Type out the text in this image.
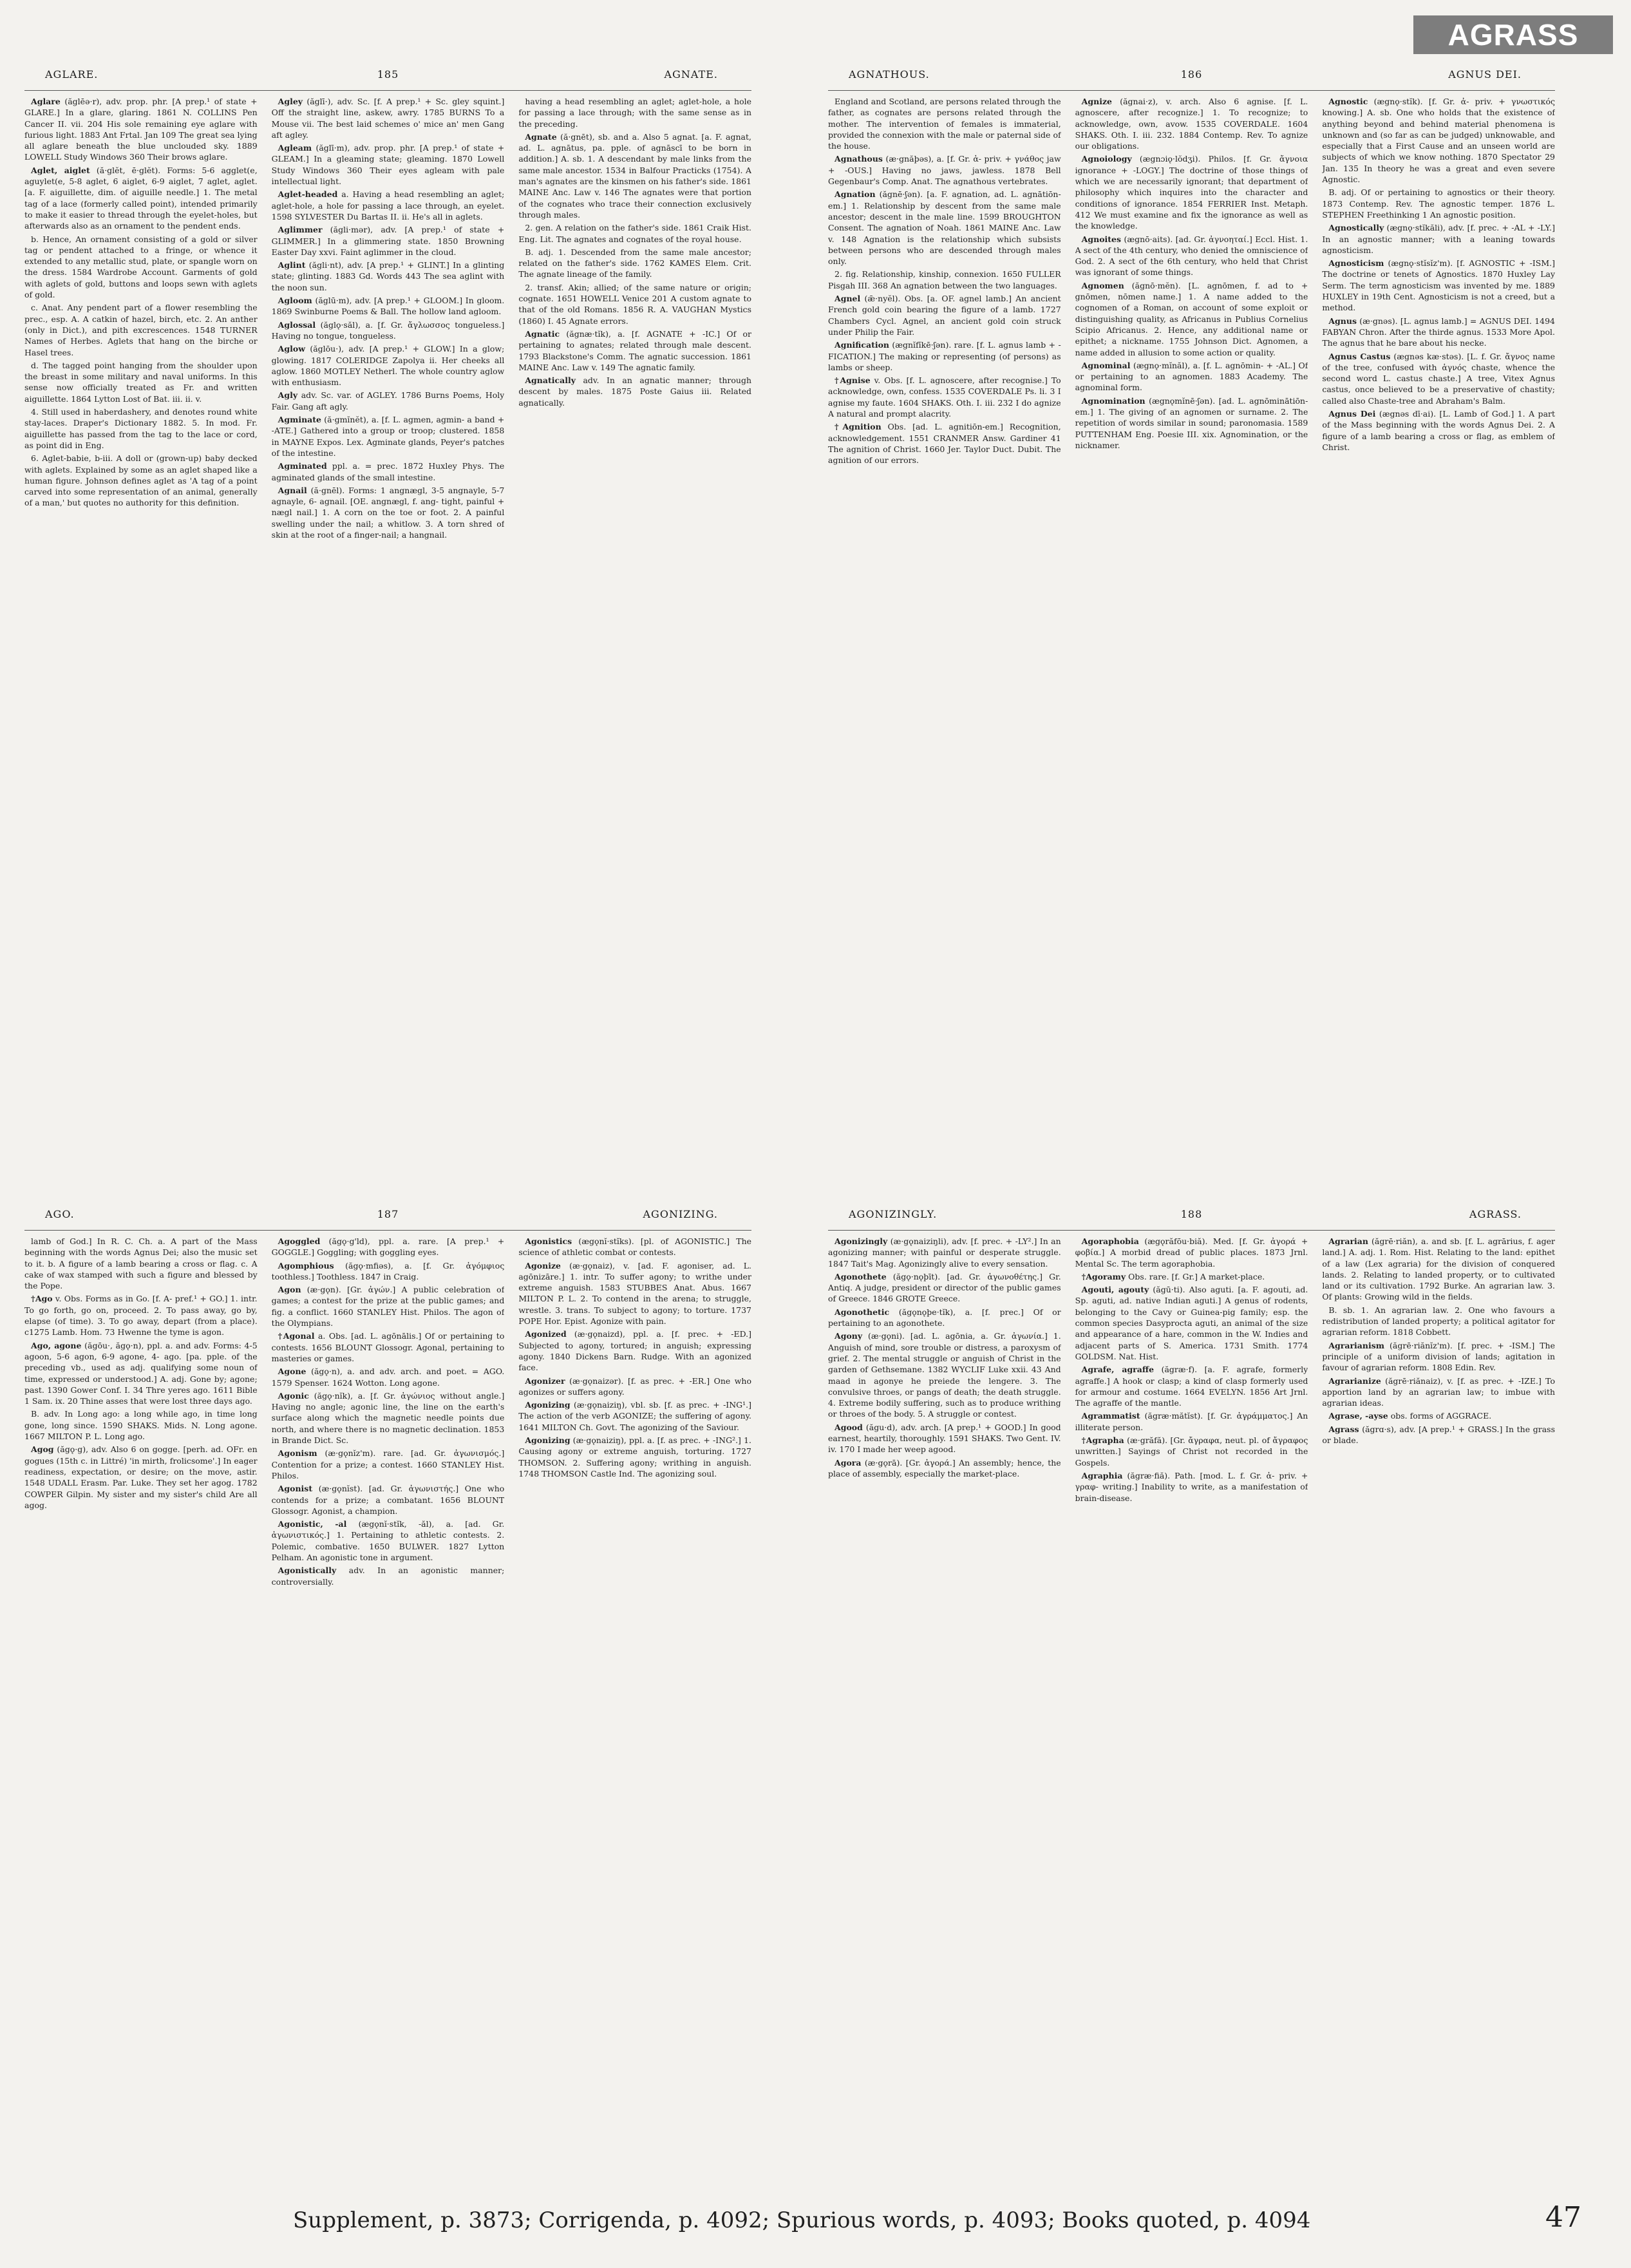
AGRASS
AGLARE.	185	AGNATE.

Aglare (ăglēə·r), adv. prop. phr. [A prep.¹ of state + GLARE.] In a glare, glaring. 1861 N. COLLINS Pen Cancer II. vii. 204 His sole remaining eye aglare with furious light. 1883 Ant Frtal. Jan 109 The great sea lying all aglare beneath the blue unclouded sky. 1889 LOWELL Study Windows 360 Their brows aglare.

Aglet, aiglet (ă·glĕt, ē·glĕt). Forms: 5-6 agglet(e, aguylet(e, 5-8 aglet, 6 aiglet, 6-9 aiglet, 7 aglet, aglet. [a. F. aiguillette, dim. of aiguille needle.] 1. The metal tag of a lace (formerly called point), intended primarily to make it easier to thread through the eyelet-holes, but afterwards also as an ornament to the pendent ends.

b. Hence, An ornament consisting of a gold or silver tag or pendent attached to a fringe, or whence it extended to any metallic stud, plate, or spangle worn on the dress. 1584 Wardrobe Account. Garments of gold with aglets of gold, buttons and loops sewn with aglets of gold.

c. Anat. Any pendent part of a flower resembling the prec., esp. A. A catkin of hazel, birch, etc. 2. An anther (only in Dict.), and pith excrescences. 1548 TURNER Names of Herbes. Aglets that hang on the birche or Hasel trees.

d. The tagged point hanging from the shoulder upon the breast in some military and naval uniforms. In this sense now officially treated as Fr. and written aiguillette. 1864 Lytton Lost of Bat. iii. ii. v.

4. Still used in haberdashery, and denotes round white stay-laces. Draper's Dictionary 1882. 5. In mod. Fr. aiguillette has passed from the tag to the lace or cord, as point did in Eng.

6. Aglet-babie, b-iii. A doll or (grown-up) baby decked with aglets. Explained by some as an aglet shaped like a human figure. Johnson defines aglet as 'A tag of a point carved into some representation of an animal, generally of a man,' but quotes no authority for this definition.

Agley (ăglī·), adv. Sc. [f. A prep.¹ + Sc. gley squint.] Off the straight line, askew, awry. 1785 BURNS To a Mouse vii. The best laid schemes o' mice an' men Gang aft agley.

Agleam (ăglī·m), adv. prop. phr. [A prep.¹ of state + GLEAM.] In a gleaming state; gleaming. 1870 Lowell Study Windows 360 Their eyes agleam with pale intellectual light.

Aglet-headed a. Having a head resembling an aglet; aglet-hole, a hole for passing a lace through, an eyelet. 1598 SYLVESTER Du Bartas II. ii. He's all in aglets.

Aglimmer (ăgli·mər), adv. [A prep.¹ of state + GLIMMER.] In a glimmering state. 1850 Browning Easter Day xxvi. Faint aglimmer in the cloud.

Aglint (ăgli·nt), adv. [A prep.¹ + GLINT.] In a glinting state; glinting. 1883 Gd. Words 443 The sea aglint with the noon sun.

Agloom (ăglū·m), adv. [A prep.¹ + GLOOM.] In gloom. 1869 Swinburne Poems & Ball. The hollow land agloom.

Aglossal (ăglǫ·săl), a. [f. Gr. ἄγλωσσος tongueless.] Having no tongue, tongueless.

Aglow (ăglōu·), adv. [A prep.¹ + GLOW.] In a glow; glowing. 1817 COLERIDGE Zapolya ii. Her cheeks all aglow. 1860 MOTLEY Netherl. The whole country aglow with enthusiasm.

Agly adv. Sc. var. of AGLEY. 1786 Burns Poems, Holy Fair. Gang aft agly.

Agminate (ă·gmĭnĕt), a. [f. L. agmen, agmin- a band + -ATE.] Gathered into a group or troop; clustered. 1858 in MAYNE Expos. Lex. Agminate glands, Peyer's patches of the intestine.

Agminated ppl. a. = prec. 1872 Huxley Phys. The agminated glands of the small intestine.

Agnail (ă·gnēl). Forms: 1 angnægl, 3-5 angnayle, 5-7 agnayle, 6- agnail. [OE. angnægl, f. ang- tight, painful + nægl nail.] 1. A corn on the toe or foot. 2. A painful swelling under the nail; a whitlow. 3. A torn shred of skin at the root of a finger-nail; a hangnail.

having a head resembling an aglet; aglet-hole, a hole for passing a lace through; with the same sense as in the preceding.

Agnate (ă·gnēt), sb. and a. Also 5 agnat. [a. F. agnat, ad. L. agnātus, pa. pple. of agnāscī to be born in addition.] A. sb. 1. A descendant by male links from the same male ancestor. 1534 in Balfour Practicks (1754). A man's agnates are the kinsmen on his father's side. 1861 MAINE Anc. Law v. 146 The agnates were that portion of the cognates who trace their connection exclusively through males.

2. gen. A relation on the father's side. 1861 Craik Hist. Eng. Lit. The agnates and cognates of the royal house.

B. adj. 1. Descended from the same male ancestor; related on the father's side. 1762 KAMES Elem. Crit. The agnate lineage of the family.

2. transf. Akin; allied; of the same nature or origin; cognate. 1651 HOWELL Venice 201 A custom agnate to that of the old Romans. 1856 R. A. VAUGHAN Mystics (1860) I. 45 Agnate errors.

Agnatic (ăgnæ·tĭk), a. [f. AGNATE + -IC.] Of or pertaining to agnates; related through male descent. 1793 Blackstone's Comm. The agnatic succession. 1861 MAINE Anc. Law v. 149 The agnatic family.

Agnatically adv. In an agnatic manner; through descent by males. 1875 Poste Gaius iii. Related agnatically.

AGNATHOUS.	186	AGNUS DEI.

England and Scotland, are persons related through the father, as cognates are persons related through the mother. The intervention of females is immaterial, provided the connexion with the male or paternal side of the house.

Agnathous (æ·gnăþəs), a. [f. Gr. ἀ- priv. + γνάθος jaw + -OUS.] Having no jaws, jawless. 1878 Bell Gegenbaur's Comp. Anat. The agnathous vertebrates.

Agnation (ăgnē·ʃən). [a. F. agnation, ad. L. agnātiōn-em.] 1. Relationship by descent from the same male ancestor; descent in the male line. 1599 BROUGHTON Consent. The agnation of Noah. 1861 MAINE Anc. Law v. 148 Agnation is the relationship which subsists between persons who are descended through males only.

2. fig. Relationship, kinship, connexion. 1650 FULLER Pisgah III. 368 An agnation between the two languages.

Agnel (ǣ·nyĕl). Obs. [a. OF. agnel lamb.] An ancient French gold coin bearing the figure of a lamb. 1727 Chambers Cycl. Agnel, an ancient gold coin struck under Philip the Fair.

Agnification (ægnĭfĭkē·ʃən). rare. [f. L. agnus lamb + -FICATION.] The making or representing (of persons) as lambs or sheep.

†Agnise v. Obs. [f. L. agnoscere, after recognise.] To acknowledge, own, confess. 1535 COVERDALE Ps. li. 3 I agnise my faute. 1604 SHAKS. Oth. I. iii. 232 I do agnize A natural and prompt alacrity.

†Agnition Obs. [ad. L. agnitiōn-em.] Recognition, acknowledgement. 1551 CRANMER Answ. Gardiner 41 The agnition of Christ. 1660 Jer. Taylor Duct. Dubit. The agnition of our errors.

Agnize (ăgnai·z), v. arch. Also 6 agnise. [f. L. agnoscere, after recognize.] 1. To recognize; to acknowledge, own, avow. 1535 COVERDALE. 1604 SHAKS. Oth. I. iii. 232. 1884 Contemp. Rev. To agnize our obligations.

Agnoiology (ægnɔiǫ·lŏdʒi). Philos. [f. Gr. ἄγνοια ignorance + -LOGY.] The doctrine of those things of which we are necessarily ignorant; that department of philosophy which inquires into the character and conditions of ignorance. 1854 FERRIER Inst. Metaph. 412 We must examine and fix the ignorance as well as the knowledge.

Agnoites (ægnō·aits). [ad. Gr. ἀγνοηταί.] Eccl. Hist. 1. A sect of the 4th century, who denied the omniscience of God. 2. A sect of the 6th century, who held that Christ was ignorant of some things.

Agnomen (ăgnō·mĕn). [L. agnōmen, f. ad to + gnōmen, nōmen name.] 1. A name added to the cognomen of a Roman, on account of some exploit or distinguishing quality, as Africanus in Publius Cornelius Scipio Africanus. 2. Hence, any additional name or epithet; a nickname. 1755 Johnson Dict. Agnomen, a name added in allusion to some action or quality.

Agnominal (ægnǫ·mĭnăl), a. [f. L. agnōmin- + -AL.] Of or pertaining to an agnomen. 1883 Academy. The agnominal form.

Agnomination (ægnǫmĭnē·ʃən). [ad. L. agnōminātiōn-em.] 1. The giving of an agnomen or surname. 2. The repetition of words similar in sound; paronomasia. 1589 PUTTENHAM Eng. Poesie III. xix. Agnomination, or the nicknamer.

Agnostic (ægnǫ·stĭk). [f. Gr. ἀ- priv. + γνωστικός knowing.] A. sb. One who holds that the existence of anything beyond and behind material phenomena is unknown and (so far as can be judged) unknowable, and especially that a First Cause and an unseen world are subjects of which we know nothing. 1870 Spectator 29 Jan. 135 In theory he was a great and even severe Agnostic.

B. adj. Of or pertaining to agnostics or their theory. 1873 Contemp. Rev. The agnostic temper. 1876 L. STEPHEN Freethinking 1 An agnostic position.

Agnostically (ægnǫ·stĭkăli), adv. [f. prec. + -AL + -LY.] In an agnostic manner; with a leaning towards agnosticism.

Agnosticism (ægnǫ·stĭsĭz'm). [f. AGNOSTIC + -ISM.] The doctrine or tenets of Agnostics. 1870 Huxley Lay Serm. The term agnosticism was invented by me. 1889 HUXLEY in 19th Cent. Agnosticism is not a creed, but a method.

Agnus (æ·gnəs). [L. agnus lamb.] = AGNUS DEI. 1494 FABYAN Chron. After the thirde agnus. 1533 More Apol. The agnus that he bare about his necke.

Agnus Castus (ægnəs kæ·stəs). [L. f. Gr. ἄγνος name of the tree, confused with ἁγνός chaste, whence the second word L. castus chaste.] A tree, Vitex Agnus castus, once believed to be a preservative of chastity; called also Chaste-tree and Abraham's Balm.

Agnus Dei (ægnəs dī·ai). [L. Lamb of God.] 1. A part of the Mass beginning with the words Agnus Dei. 2. A figure of a lamb bearing a cross or flag, as emblem of Christ.

AGO.	187	AGONIZING.

lamb of God.] In R. C. Ch. a. A part of the Mass beginning with the words Agnus Dei; also the music set to it. b. A figure of a lamb bearing a cross or flag. c. A cake of wax stamped with such a figure and blessed by the Pope.

†Ago v. Obs. Forms as in Go. [f. A- pref.¹ + GO.] 1. intr. To go forth, go on, proceed. 2. To pass away, go by, elapse (of time). 3. To go away, depart (from a place). c1275 Lamb. Hom. 73 Hwenne the tyme is agon.

Ago, agone (ăgōu·, ăgǫ·n), ppl. a. and adv. Forms: 4-5 agoon, 5-6 agon, 6-9 agone, 4- ago. [pa. pple. of the preceding vb., used as adj. qualifying some noun of time, expressed or understood.] A. adj. Gone by; agone; past. 1390 Gower Conf. I. 34 Thre yeres ago. 1611 Bible 1 Sam. ix. 20 Thine asses that were lost three days ago.

B. adv. In Long ago: a long while ago, in time long gone, long since. 1590 SHAKS. Mids. N. Long agone. 1667 MILTON P. L. Long ago.

Agog (ăgǫ·g), adv. Also 6 on gogge. [perh. ad. OFr. en gogues (15th c. in Littré) 'in mirth, frolicsome'.] In eager readiness, expectation, or desire; on the move, astir. 1548 UDALL Erasm. Par. Luke. They set her agog. 1782 COWPER Gilpin. My sister and my sister's child Are all agog.

Agoggled (ăgǫ·g'ld), ppl. a. rare. [A prep.¹ + GOGGLE.] Goggling; with goggling eyes.

Agomphious (ăgǫ·mfiəs), a. [f. Gr. ἀγόμφιος toothless.] Toothless. 1847 in Craig.

Agon (æ·gǫn). [Gr. ἀγών.] A public celebration of games; a contest for the prize at the public games; and fig. a conflict. 1660 STANLEY Hist. Philos. The agon of the Olympians.

†Agonal a. Obs. [ad. L. agōnālis.] Of or pertaining to contests. 1656 BLOUNT Glossogr. Agonal, pertaining to masteries or games.

Agone (ăgǫ·n), a. and adv. arch. and poet. = AGO. 1579 Spenser. 1624 Wotton. Long agone.

Agonic (ăgǫ·nĭk), a. [f. Gr. ἀγώνιος without angle.] Having no angle; agonic line, the line on the earth's surface along which the magnetic needle points due north, and where there is no magnetic declination. 1853 in Brande Dict. Sc.

Agonism (æ·gǫnĭz'm). rare. [ad. Gr. ἀγωνισμός.] Contention for a prize; a contest. 1660 STANLEY Hist. Philos.

Agonist (æ·gǫnĭst). [ad. Gr. ἀγωνιστής.] One who contends for a prize; a combatant. 1656 BLOUNT Glossogr. Agonist, a champion.

Agonistic, -al (ægǫnĭ·stĭk, -ăl), a. [ad. Gr. ἀγωνιστικός.] 1. Pertaining to athletic contests. 2. Polemic, combative. 1650 BULWER. 1827 Lytton Pelham. An agonistic tone in argument.

Agonistically adv. In an agonistic manner; controversially.

Agonistics (ægǫnĭ·stĭks). [pl. of AGONISTIC.] The science of athletic combat or contests.

Agonize (æ·gǫnaiz), v. [ad. F. agoniser, ad. L. agōnizāre.] 1. intr. To suffer agony; to writhe under extreme anguish. 1583 STUBBES Anat. Abus. 1667 MILTON P. L. 2. To contend in the arena; to struggle, wrestle. 3. trans. To subject to agony; to torture. 1737 POPE Hor. Epist. Agonize with pain.

Agonized (æ·gǫnaizd), ppl. a. [f. prec. + -ED.] Subjected to agony, tortured; in anguish; expressing agony. 1840 Dickens Barn. Rudge. With an agonized face.

Agonizer (æ·gǫnaizər). [f. as prec. + -ER.] One who agonizes or suffers agony.

Agonizing (æ·gǫnaiziŋ), vbl. sb. [f. as prec. + -ING¹.] The action of the verb AGONIZE; the suffering of agony. 1641 MILTON Ch. Govt. The agonizing of the Saviour.

Agonizing (æ·gǫnaiziŋ), ppl. a. [f. as prec. + -ING².] 1. Causing agony or extreme anguish, torturing. 1727 THOMSON. 2. Suffering agony; writhing in anguish. 1748 THOMSON Castle Ind. The agonizing soul.

AGONIZINGLY.	188	AGRASS.

Agonizingly (æ·gǫnaiziŋli), adv. [f. prec. + -LY².] In an agonizing manner; with painful or desperate struggle. 1847 Tait's Mag. Agonizingly alive to every sensation.

Agonothete (ăgǫ·nǫþīt). [ad. Gr. ἀγωνοθέτης.] Gr. Antiq. A judge, president or director of the public games of Greece. 1846 GROTE Greece.

Agonothetic (ăgǫnǫþe·tĭk), a. [f. prec.] Of or pertaining to an agonothete.

Agony (æ·gǫni). [ad. L. agōnia, a. Gr. ἀγωνία.] 1. Anguish of mind, sore trouble or distress, a paroxysm of grief. 2. The mental struggle or anguish of Christ in the garden of Gethsemane. 1382 WYCLIF Luke xxii. 43 And maad in agonye he preiede the lengere. 3. The convulsive throes, or pangs of death; the death struggle. 4. Extreme bodily suffering, such as to produce writhing or throes of the body. 5. A struggle or contest.

Agood (ăgu·d), adv. arch. [A prep.¹ + GOOD.] In good earnest, heartily, thoroughly. 1591 SHAKS. Two Gent. IV. iv. 170 I made her weep agood.

Agora (æ·gǫrā). [Gr. ἀγορά.] An assembly; hence, the place of assembly, especially the market-place.

Agoraphobia (ægǫrăfōu·biă). Med. [f. Gr. ἀγορά + φοβία.] A morbid dread of public places. 1873 Jrnl. Mental Sc. The term agoraphobia.

†Agoramy Obs. rare. [f. Gr.] A market-place.

Agouti, agouty (ăgū·ti). Also aguti. [a. F. agouti, ad. Sp. aguti, ad. native Indian aguti.] A genus of rodents, belonging to the Cavy or Guinea-pig family; esp. the common species Dasyprocta aguti, an animal of the size and appearance of a hare, common in the W. Indies and adjacent parts of S. America. 1731 Smith. 1774 GOLDSM. Nat. Hist.

Agrafe, agraffe (ăgræ·f). [a. F. agrafe, formerly agraffe.] A hook or clasp; a kind of clasp formerly used for armour and costume. 1664 EVELYN. 1856 Art Jrnl. The agraffe of the mantle.

Agrammatist (ăgræ·mătĭst). [f. Gr. ἀγράμματος.] An illiterate person.

†Agrapha (æ·grăfă). [Gr. ἄγραφα, neut. pl. of ἄγραφος unwritten.] Sayings of Christ not recorded in the Gospels.

Agraphia (ăgræ·fiă). Path. [mod. L. f. Gr. ἀ- priv. + γραφ- writing.] Inability to write, as a manifestation of brain-disease.

Agrarian (ăgrē·riăn), a. and sb. [f. L. agrārius, f. ager land.] A. adj. 1. Rom. Hist. Relating to the land: epithet of a law (Lex agraria) for the division of conquered lands. 2. Relating to landed property, or to cultivated land or its cultivation. 1792 Burke. An agrarian law. 3. Of plants: Growing wild in the fields.

B. sb. 1. An agrarian law. 2. One who favours a redistribution of landed property; a political agitator for agrarian reform. 1818 Cobbett.

Agrarianism (ăgrē·riănĭz'm). [f. prec. + -ISM.] The principle of a uniform division of lands; agitation in favour of agrarian reform. 1808 Edin. Rev.

Agrarianize (ăgrē·riănaiz), v. [f. as prec. + -IZE.] To apportion land by an agrarian law; to imbue with agrarian ideas.

Agrase, -ayse obs. forms of AGGRACE.

Agrass (ăgrɑ·s), adv. [A prep.¹ + GRASS.] In the grass or blade.

Supplement, p. 3873; Corrigenda, p. 4092; Spurious words, p. 4093; Books quoted, p. 4094	47
